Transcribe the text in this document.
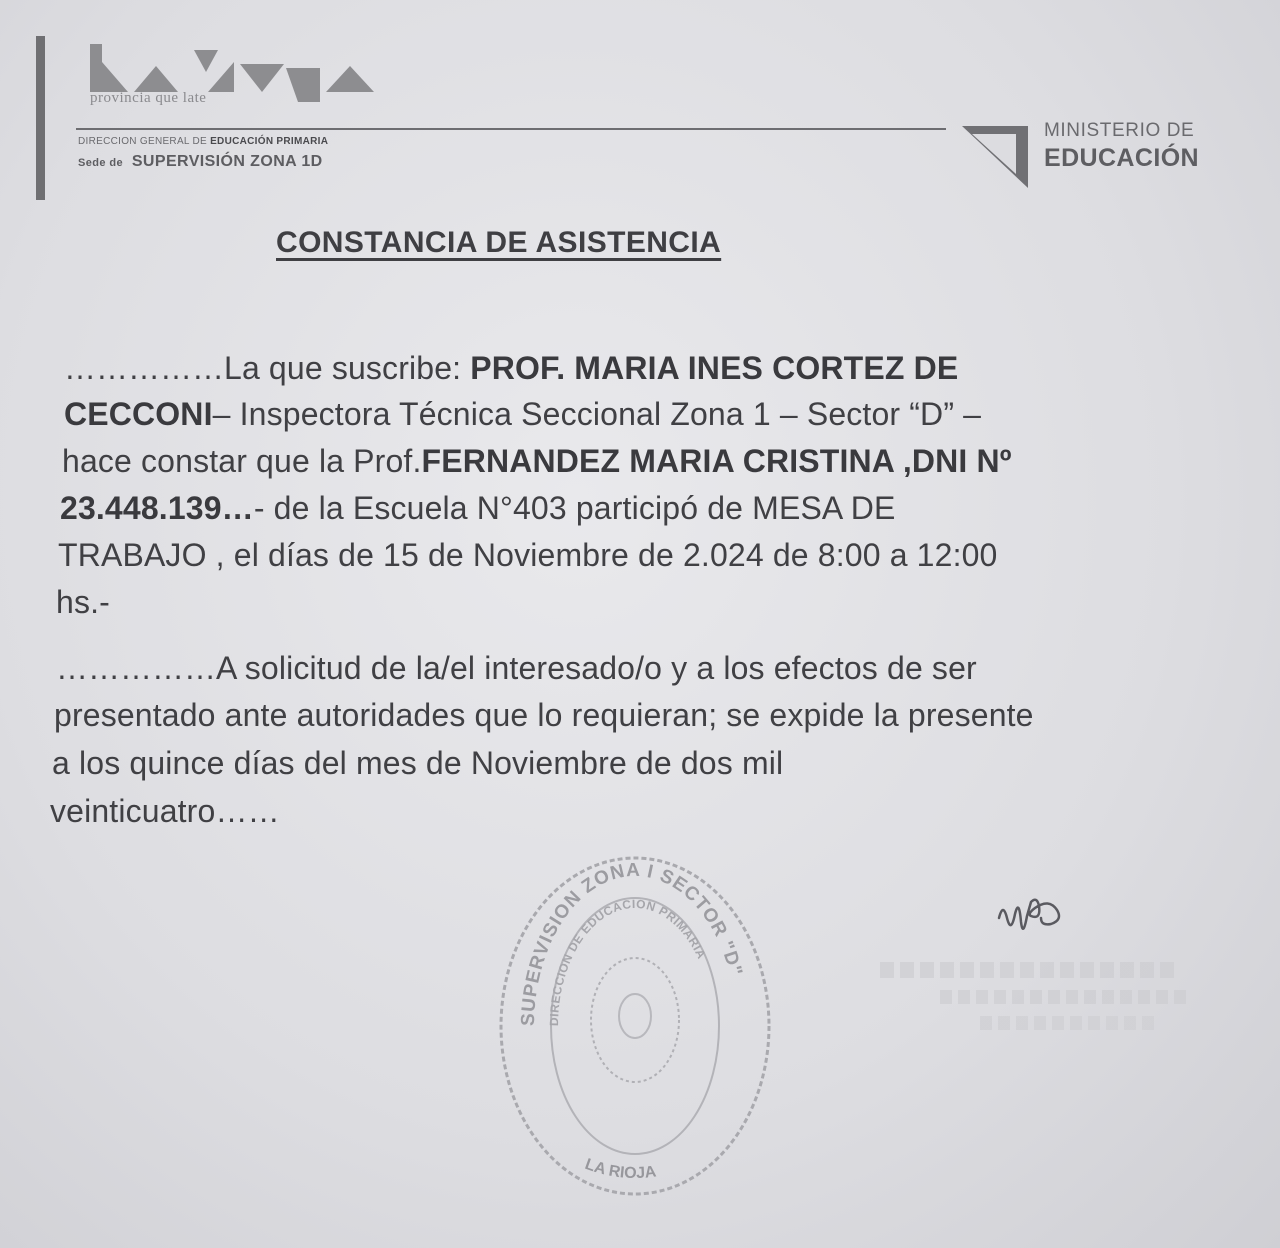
provincia que late
DIRECCION GENERAL DE EDUCACIÓN PRIMARIA
Sede de SUPERVISIÓN ZONA 1D
MINISTERIO DE
EDUCACIÓN
CONSTANCIA DE ASISTENCIA
……………La que suscribe: PROF. MARIA INES CORTEZ DE
CECCONI– Inspectora Técnica Seccional Zona 1 – Sector “D” –
hace constar que la Prof.FERNANDEZ MARIA CRISTINA ,DNI Nº
23.448.139…- de la Escuela N°403 participó de MESA DE
TRABAJO , el días de 15 de Noviembre de 2.024 de 8:00 a 12:00
hs.-
……………A solicitud de la/el interesado/o y a los efectos de ser
presentado ante autoridades que lo requieran; se expide la presente
a los quince días del mes de Noviembre de dos mil
veinticuatro……
SUPERVISION ZONA I SECTOR "D"
DIRECCION DE EDUCACION PRIMARIA
LA RIOJA
